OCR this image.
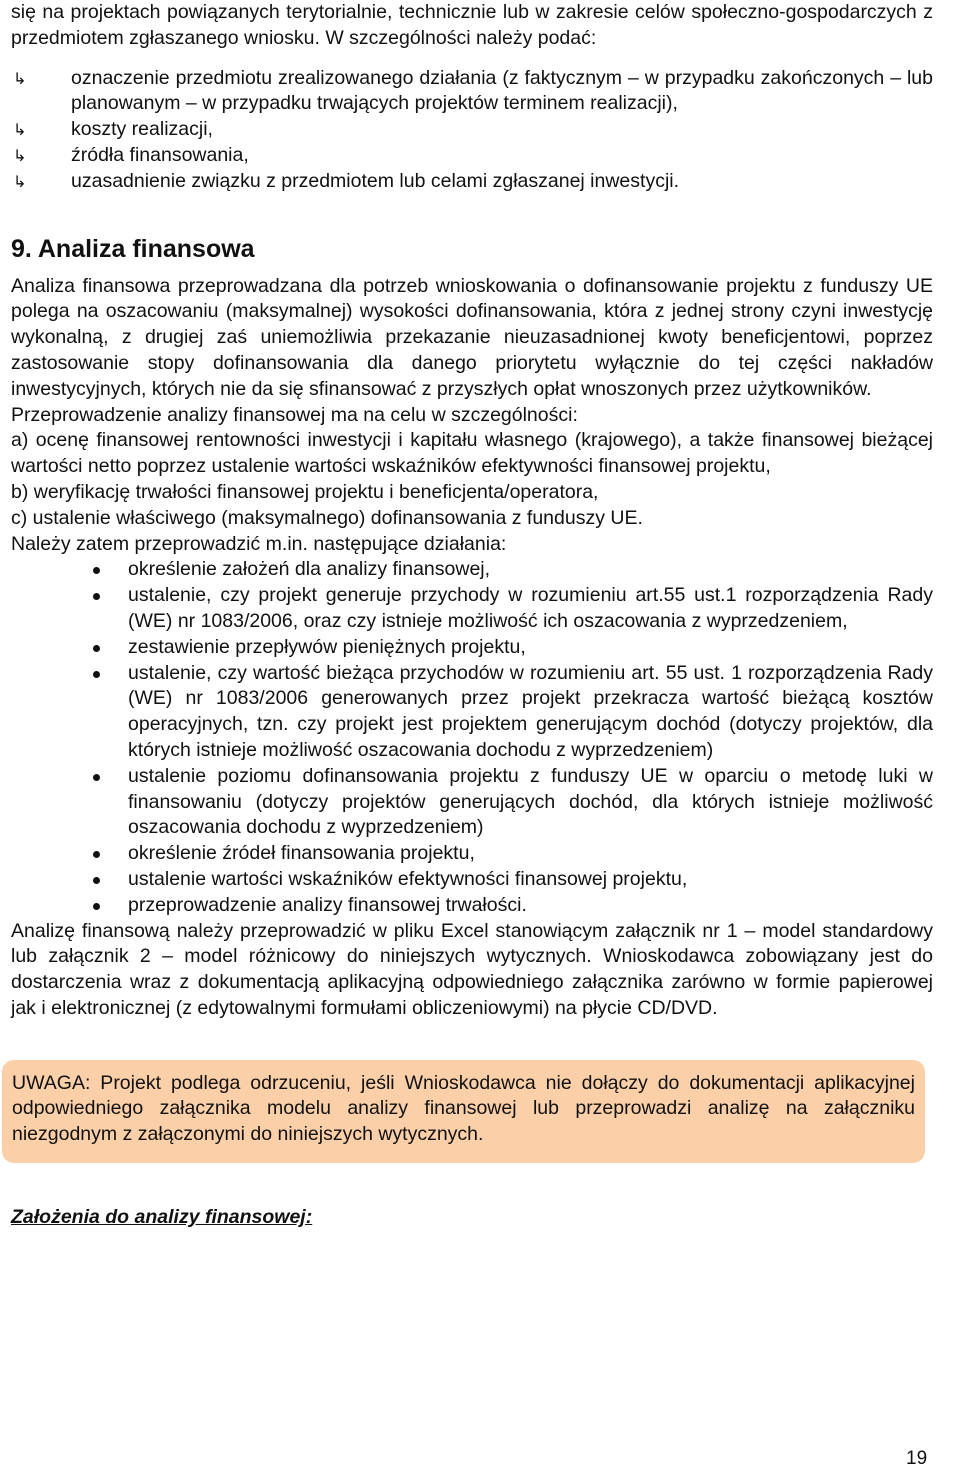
się na projektach powiązanych terytorialnie, technicznie lub w zakresie celów społeczno-gospodarczych z przedmiotem zgłaszanego wniosku. W szczególności należy podać:

↳ oznaczenie przedmiotu zrealizowanego działania (z faktycznym – w przypadku zakończonych – lub planowanym – w przypadku trwających projektów terminem realizacji),
↳ koszty realizacji,
↳ źródła finansowania,
↳ uzasadnienie związku z przedmiotem lub celami zgłaszanej inwestycji.
9. Analiza finansowa

Analiza finansowa przeprowadzana dla potrzeb wnioskowania o dofinansowanie projektu z funduszy UE polega na oszacowaniu (maksymalnej) wysokości dofinansowania, która z jednej strony czyni inwestycję wykonalną, z drugiej zaś uniemożliwia przekazanie nieuzasadnionej kwoty beneficjentowi, poprzez zastosowanie stopy dofinansowania dla danego priorytetu wyłącznie do tej części nakładów inwestycyjnych, których nie da się sfinansować z przyszłych opłat wnoszonych przez użytkowników.

Przeprowadzenie analizy finansowej ma na celu w szczególności:

a) ocenę finansowej rentowności inwestycji i kapitału własnego (krajowego), a także finansowej bieżącej wartości netto poprzez ustalenie wartości wskaźników efektywności finansowej projektu,

b) weryfikację trwałości finansowej projektu i beneficjenta/operatora,

c) ustalenie właściwego (maksymalnego) dofinansowania z funduszy UE.

Należy zatem przeprowadzić m.in. następujące działania:

określenie założeń dla analizy finansowej,
ustalenie, czy projekt generuje przychody w rozumieniu art.55 ust.1 rozporządzenia Rady (WE) nr 1083/2006, oraz czy istnieje możliwość ich oszacowania z wyprzedzeniem,
zestawienie przepływów pieniężnych projektu,
ustalenie, czy wartość bieżąca przychodów w rozumieniu art. 55 ust. 1 rozporządzenia Rady (WE) nr 1083/2006 generowanych przez projekt przekracza wartość bieżącą kosztów operacyjnych, tzn. czy projekt jest projektem generującym dochód (dotyczy projektów, dla których istnieje możliwość oszacowania dochodu z wyprzedzeniem)
ustalenie poziomu dofinansowania projektu z funduszy UE w oparciu o metodę luki w finansowaniu (dotyczy projektów generujących dochód, dla których istnieje możliwość oszacowania dochodu z wyprzedzeniem)
określenie źródeł finansowania projektu,
ustalenie wartości wskaźników efektywności finansowej projektu,
przeprowadzenie analizy finansowej trwałości.

Analizę finansową należy przeprowadzić w pliku Excel stanowiącym załącznik nr 1 – model standardowy lub załącznik 2 – model różnicowy do niniejszych wytycznych. Wnioskodawca zobowiązany jest do dostarczenia wraz z dokumentacją aplikacyjną odpowiedniego załącznika zarówno w formie papierowej jak i elektronicznej (z edytowalnymi formułami obliczeniowymi) na płycie CD/DVD.

UWAGA: Projekt podlega odrzuceniu, jeśli Wnioskodawca nie dołączy do dokumentacji aplikacyjnej odpowiedniego załącznika modelu analizy finansowej lub przeprowadzi analizę na załączniku niezgodnym z załączonymi do niniejszych wytycznych.

Założenia do analizy finansowej:
19
